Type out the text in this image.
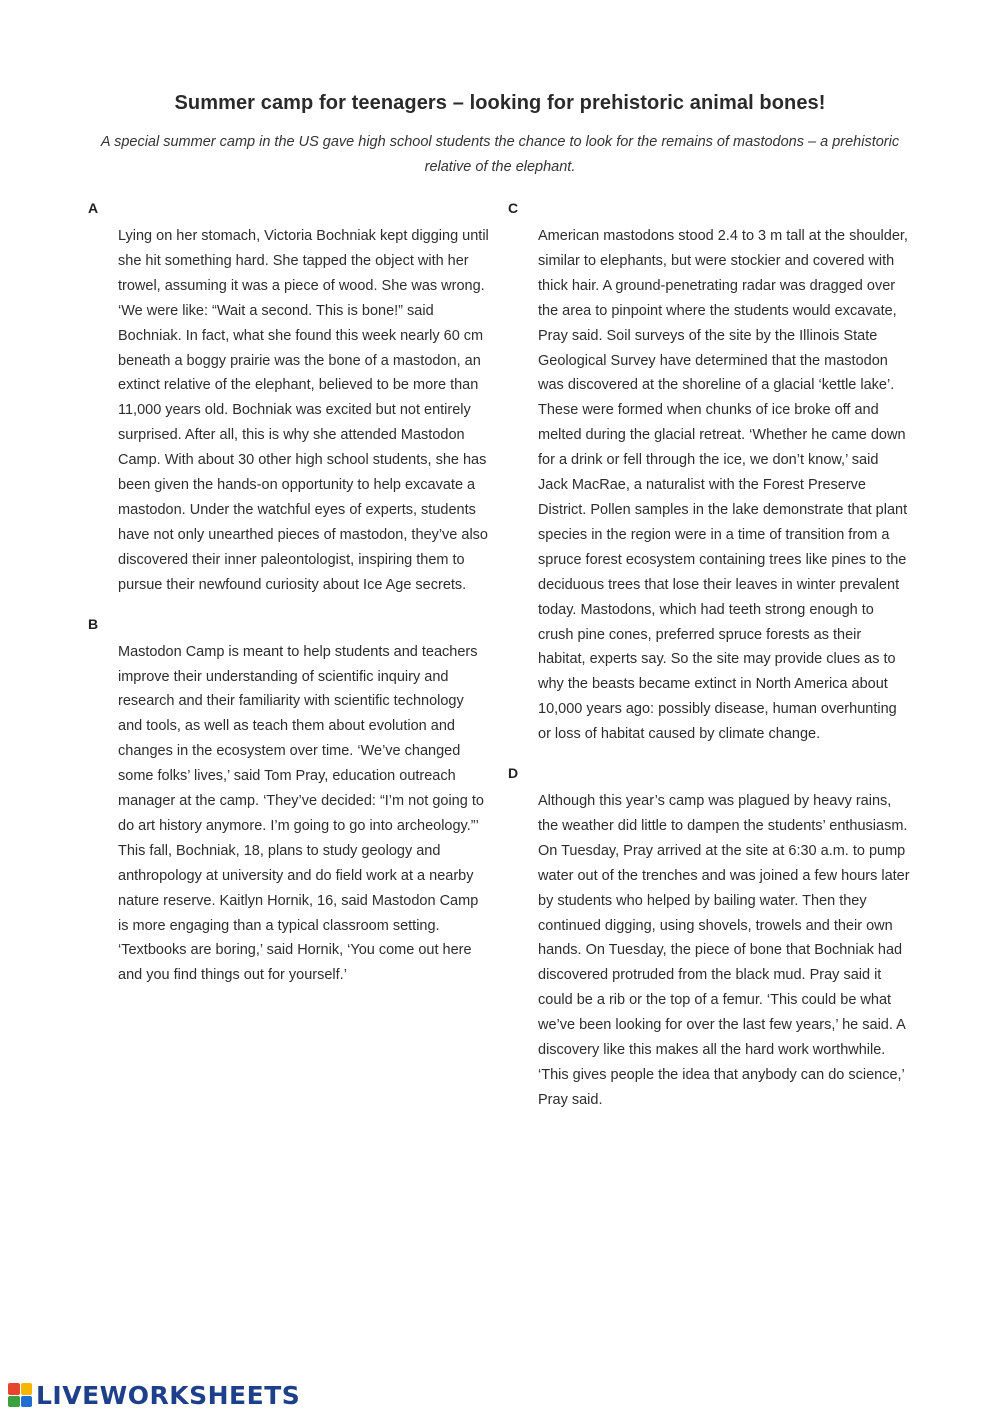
Summer camp for teenagers – looking for prehistoric animal bones!
A special summer camp in the US gave high school students the chance to look for the remains of mastodons – a prehistoric relative of the elephant.
A
Lying on her stomach, Victoria Bochniak kept digging until she hit something hard. She tapped the object with her trowel, assuming it was a piece of wood. She was wrong. ‘We were like: “Wait a second. This is bone!” said Bochniak. In fact, what she found this week nearly 60 cm beneath a boggy prairie was the bone of a mastodon, an extinct relative of the elephant, believed to be more than 11,000 years old. Bochniak was excited but not entirely surprised. After all, this is why she attended Mastodon Camp. With about 30 other high school students, she has been given the hands-on opportunity to help excavate a mastodon. Under the watchful eyes of experts, students have not only unearthed pieces of mastodon, they’ve also discovered their inner paleontologist, inspiring them to pursue their newfound curiosity about Ice Age secrets.
B
Mastodon Camp is meant to help students and teachers improve their understanding of scientific inquiry and research and their familiarity with scientific technology and tools, as well as teach them about evolution and changes in the ecosystem over time. ‘We’ve changed some folks’ lives,’ said Tom Pray, education outreach manager at the camp. ‘They’ve decided: “I’m not going to do art history anymore. I’m going to go into archeology.”’ This fall, Bochniak, 18, plans to study geology and anthropology at university and do field work at a nearby nature reserve. Kaitlyn Hornik, 16, said Mastodon Camp is more engaging than a typical classroom setting. ‘Textbooks are boring,’ said Hornik, ‘You come out here and you find things out for yourself.’
C
American mastodons stood 2.4 to 3 m tall at the shoulder, similar to elephants, but were stockier and covered with thick hair. A ground-penetrating radar was dragged over the area to pinpoint where the students would excavate, Pray said. Soil surveys of the site by the Illinois State Geological Survey have determined that the mastodon was discovered at the shoreline of a glacial ‘kettle lake’. These were formed when chunks of ice broke off and melted during the glacial retreat. ‘Whether he came down for a drink or fell through the ice, we don’t know,’ said Jack MacRae, a naturalist with the Forest Preserve District. Pollen samples in the lake demonstrate that plant species in the region were in a time of transition from a spruce forest ecosystem containing trees like pines to the deciduous trees that lose their leaves in winter prevalent today. Mastodons, which had teeth strong enough to crush pine cones, preferred spruce forests as their habitat, experts say. So the site may provide clues as to why the beasts became extinct in North America about 10,000 years ago: possibly disease, human overhunting or loss of habitat caused by climate change.
D
Although this year’s camp was plagued by heavy rains, the weather did little to dampen the students’ enthusiasm. On Tuesday, Pray arrived at the site at 6:30 a.m. to pump water out of the trenches and was joined a few hours later by students who helped by bailing water. Then they continued digging, using shovels, trowels and their own hands. On Tuesday, the piece of bone that Bochniak had discovered protruded from the black mud. Pray said it could be a rib or the top of a femur. ‘This could be what we’ve been looking for over the last few years,’ he said. A discovery like this makes all the hard work worthwhile. ‘This gives people the idea that anybody can do science,’ Pray said.
LIVEWORKSHEETS
